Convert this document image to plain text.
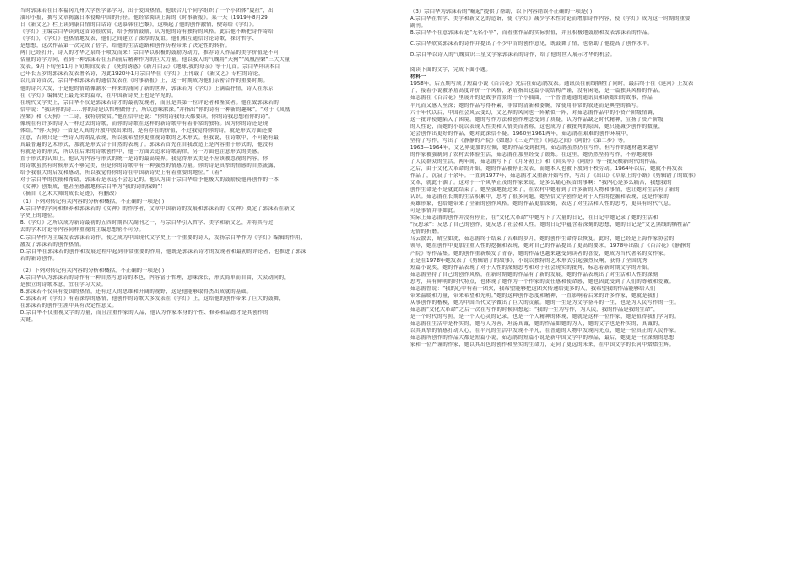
当时郭沫若在日本福冈九州大学医学部学习，出于爱国热情，他联合几个同学组织了一个小团体“夏社”，出
油印小报，撰写文章揭露日本侵略中国的行径。他经常阅读上海的《时事新报》。某一天（1919年8月29
日《新文艺》栏上读到康白情的白话诗《送慕韩往巴黎》，这唤起了他的创作激情，便寄给《学灯》。
《学灯》主编宗白华读到这首诗很欣赏，给予热情鼓励，认为他的诗有独特的风格。此后他不断把诗作寄给
《学灯》，《学灯》也热情地发表，他们之间建立了深厚的友谊。他们相互通信讨论诗歌，探讨哲学、
是想想，这次作品第一次完成了倍字，给他的生活道路和创作历程带来了决定性的转折。
两门已经打开，诗人的才华之泉终于喷发而来！宗白华以积极的鼓励为动力，推荐诗人作品的美学价值是不可
估量的诗学方向，看到一种郭沫若在五四前后精神作为的巨大力量。他以我人的气魄将“天狗”“凤凰涅槃”三大大量
发表。9月下旬至11月下旬期间发表了《死的诱惑》《新月白云》《地球,我的母亲》等十几首。宗白华拜读本白
己年长五岁的郭沫若发表署名诗，为此1920年1月宗白华在《学灯》上刊载了《新文艺》专栏的诗论，
以几首诗首次，宗白华和郭沫若的通信发表在《时事新报》上，这一时期成为他们亲密合作的重要时期。
他的诗兴大发，于是他的情绪像潮水一样来的涌向了新的世界，郭沫若为《学灯》上满篇抒情，诗人在东京
在《学灯》编辑史上最光荣的篇章，在中国新诗史上也是罕见的。
在现代文学史上，宗白华不仅是郭沫若诗才的最初发现者，而且是其第一位评论者和鉴赏者。他在致郭沫若的
信中说：“我读你的诗……你的诗是以哲理做骨子，所以意味浓深。”并指出“你的诗有一种新的趣味”。“对于《凤凰
涅槃》和《天狗》一二诗，我特别赞赏。”他在信中还说：“你的诗我每天都要读，你的诗我总想看你的诗”。
像现在有许多的诗人一样过去的诗歌，而你的诗歌在这样的新诗歌中有着非常的独特。因为你的诗还是现
体结。”“你·天狗》一首是人真的开放中放出来的，是有存在的价值，不过我觉得你的诗，就是形式方面还要
注意，否则只是一些诗人的胡乱表现，所以我希望你更重视诗歌的艺术形式。但我说，在诗歌中，不可能有最
真最普遍的艺术形式，那就是形式合于自然的表现了。郭沫若首先在自我改造上是内容重于形式的，他没有
有就是诗的形式，所以在后来的诗歌创作中，他一方面去追求诗歌韵律，另一方面也注意形式的美感。
直于形式的认知上，他认为内容与形式的统一是诗的最高境界。我觉得形式美是不应该被忽视的内容。你
的诗歌虽然有时候形式不够完美，但是你的诗歌中有一种强烈的情感力量。你的诗是真挚的情感的自然流露，
给予我很大的启发和感动，所以我觉得你的诗在中国新诗史上有着重要的地位。”（着“
对于宗白华的扶掖和帮助，郭沫若是永远不会忘记的。他认为由于宗白华给予他极大的鼓励使他再创作的一本
《女神》创集成，他甚至感激地称宗白华为“我的诗的保姆”！
（摘自《艺术大师的成长足迹》，有删改）
（1）下列对传记有关内容的分析和概括，不正确的一项是( )
A.宗白华的学问和修养和郭沫若的《女神》的作序者，文章中国新诗的发展和郭沫若的《女神》奠定了郭沫若在新文
学史上的地位。
B.《学灯》之所以成为新诗最初的五四时期四大副刊之一，与宗白华引入哲学、美学和新文艺，并将其与过
去的学术讨论等内容同样重视的主编思想密不可分。
C.宗白华作为主编发表郭沫若诗作，使之成为中国现代文学史上一个重要的诗人，发扬宗白华作为《学灯》编辑的作用，
激发了郭沫若的创作热情。
D.宗白华在郭沫若的创作和发展过程中起到非常重要的作用，他既是郭沫若诗才的发现者和最初的评论者，也推进了郭沫
若的新诗创作。
（2）下列对传记有关内容的分析和概括，不正确的一项是( )
A.宗白华认为郭沫若的诗作有一种自然写意诗的本色，内容富于哲理，意味深长，形式简单而自由，大众动向的，
是独立的诗歌本意，宜在学习大众。
B.郭沫若不仅具有爱国的热情，还有过人的思维和开阔的视野，这是他能够取得杰出成就的基础。
C.郭沫若对《学灯》有着深厚的感情，他创作的诗歌大多发表在《学灯》上，这给他的创作带来了巨大的鼓舞，
在郭沫若的创作生涯中具有决定性意义。
D.宗白华不仅重视文字的力量，而且注重作家的人品，他认为作家本身的个性、修养和品德才是其创作的
关键。
（3）宗白华为郭沫若的“崛起”提供了帮助，以下内容错误不正确的一项是( )
A.宗白华在哲学、美学和新文艺的造诣，使《学灯》减少学术性讨论而增加诗作内容，使《学灯》成为这一时期的重要
副刊。
B.宗白华不在意郭沫若是“无名小卒”，而看重作品的实际价值，并且积极地鼓励和发表郭沫若的作品。
C.宗白华欣赏郭沫若的诗作并提出了不少中肯的创作意见，既鼓舞了情，也帮助了他提高了创作水平。
D.宗白华以诗人的气魄赏识三星文学家郭沫若的诗作，给了他的世人展示才华的机会。
阅读下面的文字，完成下面小题。
材料一
1958年，后五期写成了短篇小说《百合花》先后在茹志鹃发表。通讯员在前线牺牲了同时，最后终于在《延河》上发表
了，接着小说被茅盾高度评价一个风格，茅盾指出这篇小说结构严谨，没有闲笔，是一篇独具风格的作品。
茹志鹃在《百合花》里展开的是战争背景的一个小插曲，一个普普通通的通讯员和新媳妇的故事，作品
平凡而又感人至深；她的作品写得朴素，非常的清新和委婉，常使用非常的叙述而是典型的描写。
六十年代以后，中国社会风云变幻，文艺界的风向也一阵紧似一阵，对茹志鹃作品中的小资产阶级情调，
这一批评使她陷入了困境。她的写作方法和创作理念受到了质疑，认为作品缺乏时代精神，宣扬了资产阶级
的人性论，而她的小说以表现人性美和人情美而著称，这也成为了被批判的原因，她只能减少创作的数量，
定会创作出更好的作品，她对此深信不疑。1960至1961两年，茹志鹃在艰难的创作环境中，
坚持了写作，写出了《静静的产院》《如愿》《三走严庄》《同志之间》《阿舒》《第二步》等。
1963—1964年，文艺界更加的左倾，她的作品受到批判，茹志鹃虽然仍在写作，但写作的题材越来越窄
的作家被强制到了农村去体验生活，茹志鹃在那里经受了锻炼。在这里，她仍然坚持写作，不停地观察
了人民群众的生活，两年间，茹志鹃写下了《月牙初上》和《回头卒》《阿舒》等一批反映新时代的作品。
之后，由于文化大革命的开始，她的作品被停止发表，而她本人也被下放到干校劳动。1964年以后，她就不再发表
作品了，沉寂了十余年。一直到1977年，茹志鹃才又重新开始写作，写出了《出山》《草原上的小路》《剪辑错了的故事》
文革，就此干涸了。这对于一个风华正茂的作家来说，是多么痛心疾首的事啊：“我内心是多么痛苦，我想我的
创作生命是不是就此结束了。她坚强地挺过来了，在农村中她看到了许多新的人物和事情，也让她对生活有了新的
认识。茹志鹃在长期的生活积累中，思考了很多问题，她坚信文学创作是对于人性的挖掘和表现，这是作家的
英雄形象，也给她带来了全新的创作风格。她的作品更加深刻，表达了对生活和人性的思考，更具有时代气息。
可是事情并非如此。
实际上茹志鹃的创作并没有停止，在“文化大革命”中她写下了大量的日记，在日记中她记录了她的生活和
“反思录”：反思了自己的创作，更反思了社会和人性。她的日记中蕴含着深刻的思想，她的日记是“文艺黑线的牺牲品”
无情的折磨。
乌云散去，晴空如洗，茹志鹃终于结束了苦难的岁月，她的创作生命得以恢复。此时，她已经是上海作家协会的
领导，她在创作中更加注重人性的挖掘和表现，她对自己的作品提出了更高的要求，1978年出版了《百合花》《静静的
产院》等作品集。她的创作重新焕发了青春，她的作品也越来越受到读者的喜爱，她成为当代著名的女作家。
正是在1978年她发表了《剪辑错了的故事》，小说以独特的艺术形式引起强烈反响，获得了全国优秀
短篇小说奖，她的作品表现了对于人性的深刻思考和对于社会现实的批判，标志着新时期文学的开始。
茹志鹃坚持了自己的创作风格，在新时期她的作品有了新的发展，她的作品表现出了对生活和人性的深刻
思考，具有鲜明的时代特点，也体现了她作为一个作家的责任感和使命感，她也因此受到了人们的尊敬和爱戴。
茹志鹃曾说：“我的心中有着一团火，我希望能够把这团火传递给更多的人，我希望我的作品能够给人们
带来温暖和力量，带来希望和光明。”她的这种创作态度和精神，一直影响着后来的许多作家，她就是我们
从事创作的楷模，她为中国当代文学做出了巨大的贡献。她的一生是为文学奋斗的一生，也是为人民写作的一生。
茹志鹃“文化大革命”之后一次在写作的时候回想起：“我的一生为写作，为人民，我的作品是我的生命”，
是一个时代的写照，是一个人心灵的记录，也是一个人精神的体现，她就是这样一位作家，她是值得我们学习的。
茹志鹃在生活中是朴实的，她与人为善，坦荡真诚，她的作品如她的为人，她的文字也是朴实的，真诚的，
以其真挚的情感打动人心，在平凡的生活中发现不平凡，在普通的人物中发现闪光点，她是一位真正的人民作家。
茹志鹃所创作的作品大都是短篇小说，茹志鹃的短篇小说是新中国文学中的珍品，最后，她更是一位深刻的思想
家和一位严谨的作家，她以其出色的创作和坚实的生命力，走向了更远的未来，在中国文学的长河中熠熠生辉。
